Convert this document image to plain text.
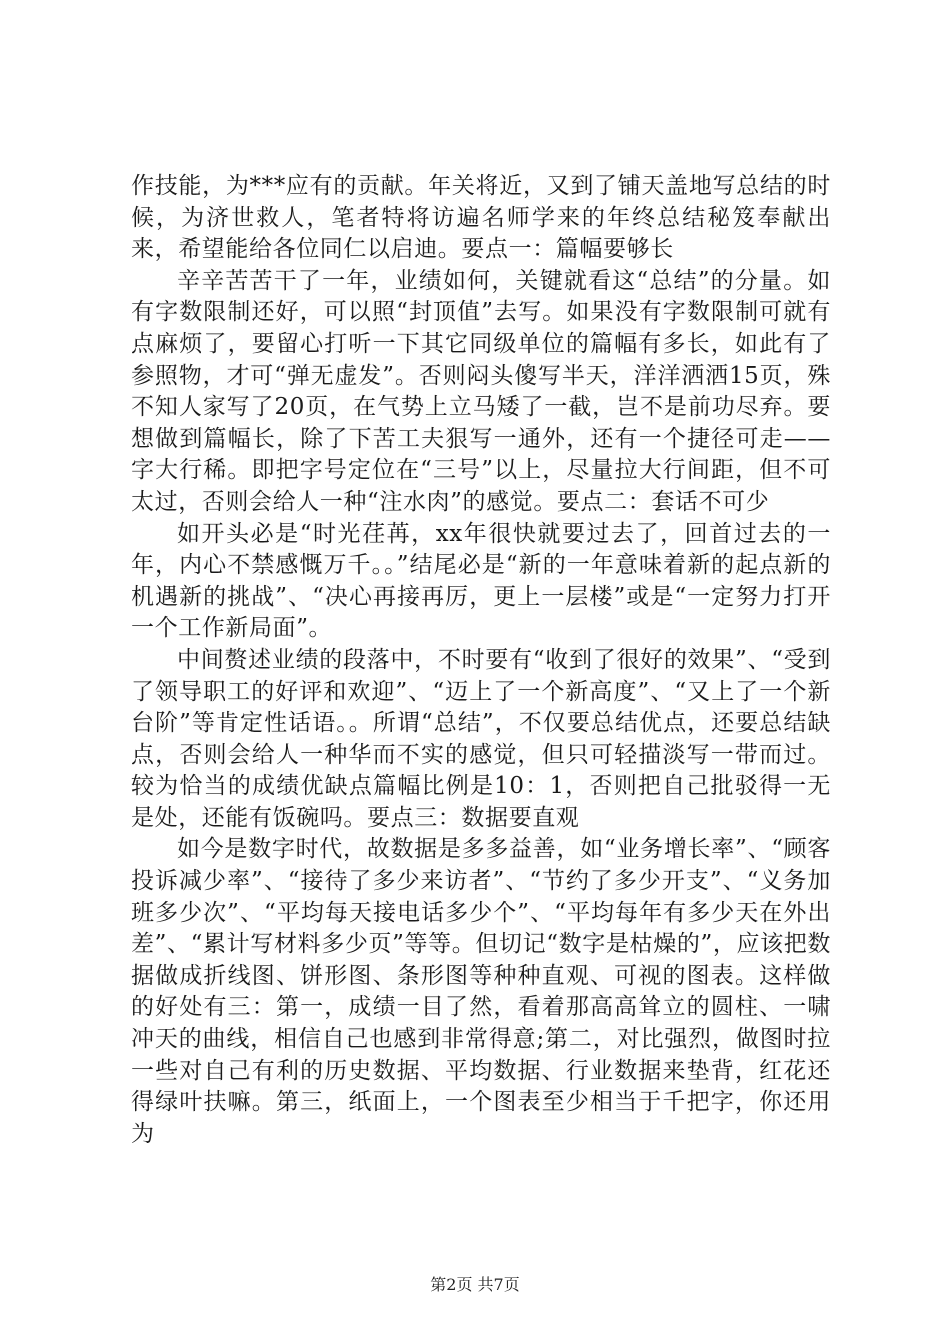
作技能，为***应有的贡献。年关将近，又到了铺天盖地写总结的时候，为济世救人，笔者特将访遍名师学来的年终总结秘笈奉献出来，希望能给各位同仁以启迪。要点一：篇幅要够长

辛辛苦苦干了一年，业绩如何，关键就看这“总结”的分量。如有字数限制还好，可以照“封顶值”去写。如果没有字数限制可就有点麻烦了，要留心打听一下其它同级单位的篇幅有多长，如此有了参照物，才可“弹无虚发”。否则闷头傻写半天，洋洋洒洒15页，殊不知人家写了20页，在气势上立马矮了一截，岂不是前功尽弃。要想做到篇幅长，除了下苦工夫狠写一通外，还有一个捷径可走——字大行稀。即把字号定位在“三号”以上，尽量拉大行间距，但不可太过，否则会给人一种“注水肉”的感觉。要点二：套话不可少

如开头必是“时光荏苒，xx年很快就要过去了，回首过去的一年，内心不禁感慨万千。。”结尾必是“新的一年意味着新的起点新的机遇新的挑战”、“决心再接再厉，更上一层楼”或是“一定努力打开一个工作新局面”。

中间赘述业绩的段落中，不时要有“收到了很好的效果”、“受到了领导职工的好评和欢迎”、“迈上了一个新高度”、“又上了一个新台阶”等肯定性话语。。所谓“总结”，不仅要总结优点，还要总结缺点，否则会给人一种华而不实的感觉，但只可轻描淡写一带而过。较为恰当的成绩优缺点篇幅比例是10：1，否则把自己批驳得一无是处，还能有饭碗吗。要点三：数据要直观

如今是数字时代，故数据是多多益善，如“业务增长率”、“顾客投诉减少率”、“接待了多少来访者”、“节约了多少开支”、“义务加班多少次”、“平均每天接电话多少个”、“平均每年有多少天在外出差”、“累计写材料多少页”等等。但切记“数字是枯燥的”，应该把数据做成折线图、饼形图、条形图等种种直观、可视的图表。这样做的好处有三：第一，成绩一目了然，看着那高高耸立的圆柱、一啸冲天的曲线，相信自己也感到非常得意;第二，对比强烈，做图时拉一些对自己有利的历史数据、平均数据、行业数据来垫背，红花还得绿叶扶嘛。第三，纸面上，一个图表至少相当于千把字，你还用为

第2页 共7页
